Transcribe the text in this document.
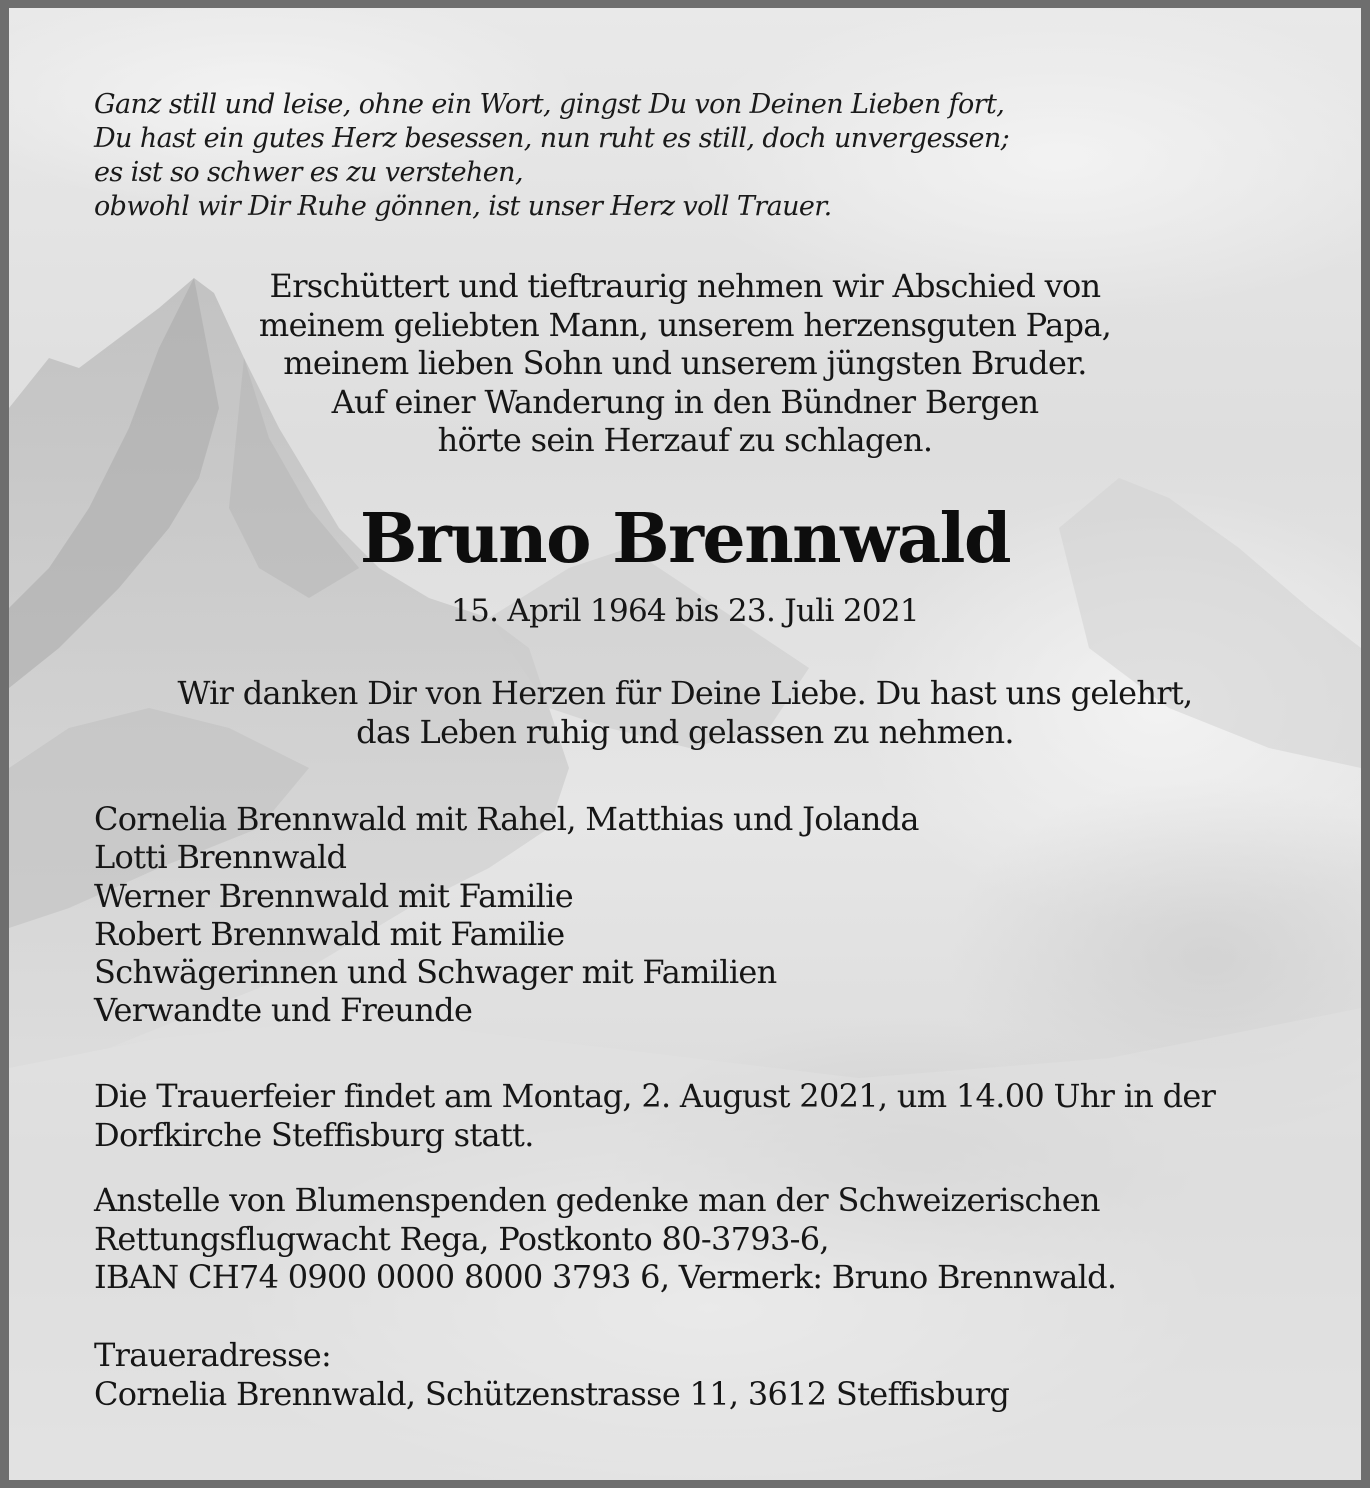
Ganz still und leise, ohne ein Wort, gingst Du von Deinen Lieben fort,
Du hast ein gutes Herz besessen, nun ruht es still, doch unvergessen;
es ist so schwer es zu verstehen,
obwohl wir Dir Ruhe gönnen, ist unser Herz voll Trauer.
Erschüttert und tieftraurig nehmen wir Abschied von
meinem geliebten Mann, unserem herzensguten Papa,
meinem lieben Sohn und unserem jüngsten Bruder.
Auf einer Wanderung in den Bündner Bergen
hörte sein Herzauf zu schlagen.
Bruno Brennwald
15. April 1964 bis 23. Juli 2021
Wir danken Dir von Herzen für Deine Liebe. Du hast uns gelehrt,
das Leben ruhig und gelassen zu nehmen.
Cornelia Brennwald mit Rahel, Matthias und Jolanda
Lotti Brennwald
Werner Brennwald mit Familie
Robert Brennwald mit Familie
Schwägerinnen und Schwager mit Familien
Verwandte und Freunde
Die Trauerfeier findet am Montag, 2. August 2021, um 14.00 Uhr in der
Dorfkirche Steffisburg statt.
Anstelle von Blumenspenden gedenke man der Schweizerischen
Rettungsflugwacht Rega, Postkonto 80-3793-6,
IBAN CH74 0900 0000 8000 3793 6, Vermerk: Bruno Brennwald.
Traueradresse:
Cornelia Brennwald, Schützenstrasse 11, 3612 Steffisburg
